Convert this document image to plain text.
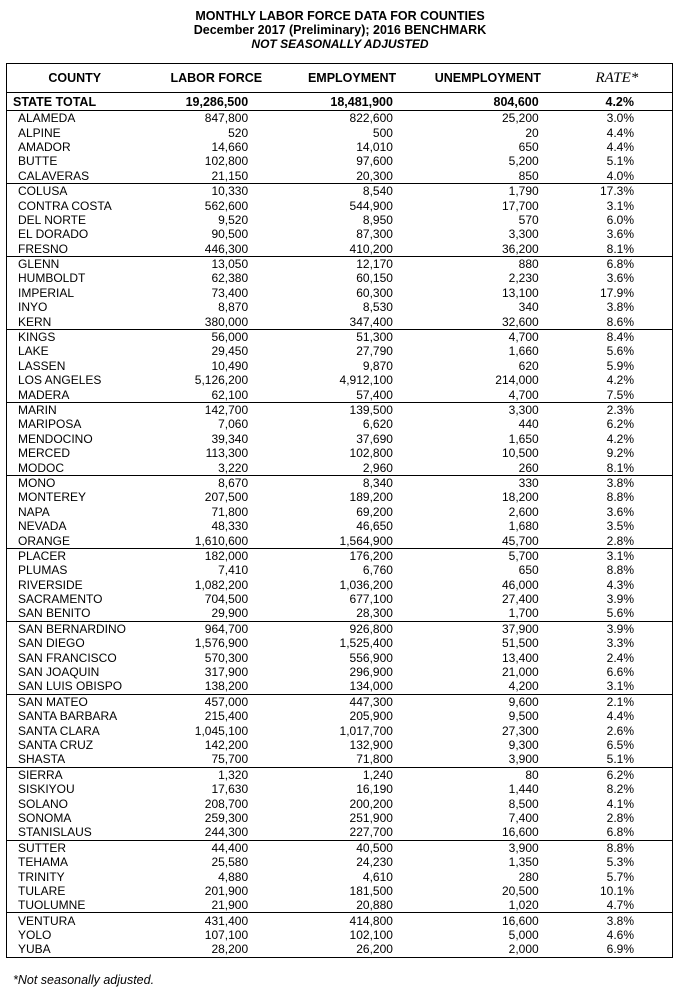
MONTHLY LABOR FORCE DATA FOR COUNTIES
December 2017 (Preliminary); 2016 BENCHMARK
NOT SEASONALLY ADJUSTED
COUNTY	LABOR FORCE	EMPLOYMENT	UNEMPLOYMENT	RATE*
STATE TOTAL	19,286,500	18,481,900	804,600	4.2%
ALAMEDA	847,800	822,600	25,200	3.0%
ALPINE	520	500	20	4.4%
AMADOR	14,660	14,010	650	4.4%
BUTTE	102,800	97,600	5,200	5.1%
CALAVERAS	21,150	20,300	850	4.0%
COLUSA	10,330	8,540	1,790	17.3%
CONTRA COSTA	562,600	544,900	17,700	3.1%
DEL NORTE	9,520	8,950	570	6.0%
EL DORADO	90,500	87,300	3,300	3.6%
FRESNO	446,300	410,200	36,200	8.1%
GLENN	13,050	12,170	880	6.8%
HUMBOLDT	62,380	60,150	2,230	3.6%
IMPERIAL	73,400	60,300	13,100	17.9%
INYO	8,870	8,530	340	3.8%
KERN	380,000	347,400	32,600	8.6%
KINGS	56,000	51,300	4,700	8.4%
LAKE	29,450	27,790	1,660	5.6%
LASSEN	10,490	9,870	620	5.9%
LOS ANGELES	5,126,200	4,912,100	214,000	4.2%
MADERA	62,100	57,400	4,700	7.5%
MARIN	142,700	139,500	3,300	2.3%
MARIPOSA	7,060	6,620	440	6.2%
MENDOCINO	39,340	37,690	1,650	4.2%
MERCED	113,300	102,800	10,500	9.2%
MODOC	3,220	2,960	260	8.1%
MONO	8,670	8,340	330	3.8%
MONTEREY	207,500	189,200	18,200	8.8%
NAPA	71,800	69,200	2,600	3.6%
NEVADA	48,330	46,650	1,680	3.5%
ORANGE	1,610,600	1,564,900	45,700	2.8%
PLACER	182,000	176,200	5,700	3.1%
PLUMAS	7,410	6,760	650	8.8%
RIVERSIDE	1,082,200	1,036,200	46,000	4.3%
SACRAMENTO	704,500	677,100	27,400	3.9%
SAN BENITO	29,900	28,300	1,700	5.6%
SAN BERNARDINO	964,700	926,800	37,900	3.9%
SAN DIEGO	1,576,900	1,525,400	51,500	3.3%
SAN FRANCISCO	570,300	556,900	13,400	2.4%
SAN JOAQUIN	317,900	296,900	21,000	6.6%
SAN LUIS OBISPO	138,200	134,000	4,200	3.1%
SAN MATEO	457,000	447,300	9,600	2.1%
SANTA BARBARA	215,400	205,900	9,500	4.4%
SANTA CLARA	1,045,100	1,017,700	27,300	2.6%
SANTA CRUZ	142,200	132,900	9,300	6.5%
SHASTA	75,700	71,800	3,900	5.1%
SIERRA	1,320	1,240	80	6.2%
SISKIYOU	17,630	16,190	1,440	8.2%
SOLANO	208,700	200,200	8,500	4.1%
SONOMA	259,300	251,900	7,400	2.8%
STANISLAUS	244,300	227,700	16,600	6.8%
SUTTER	44,400	40,500	3,900	8.8%
TEHAMA	25,580	24,230	1,350	5.3%
TRINITY	4,880	4,610	280	5.7%
TULARE	201,900	181,500	20,500	10.1%
TUOLUMNE	21,900	20,880	1,020	4.7%
VENTURA	431,400	414,800	16,600	3.8%
YOLO	107,100	102,100	5,000	4.6%
YUBA	28,200	26,200	2,000	6.9%
*Not seasonally adjusted.
